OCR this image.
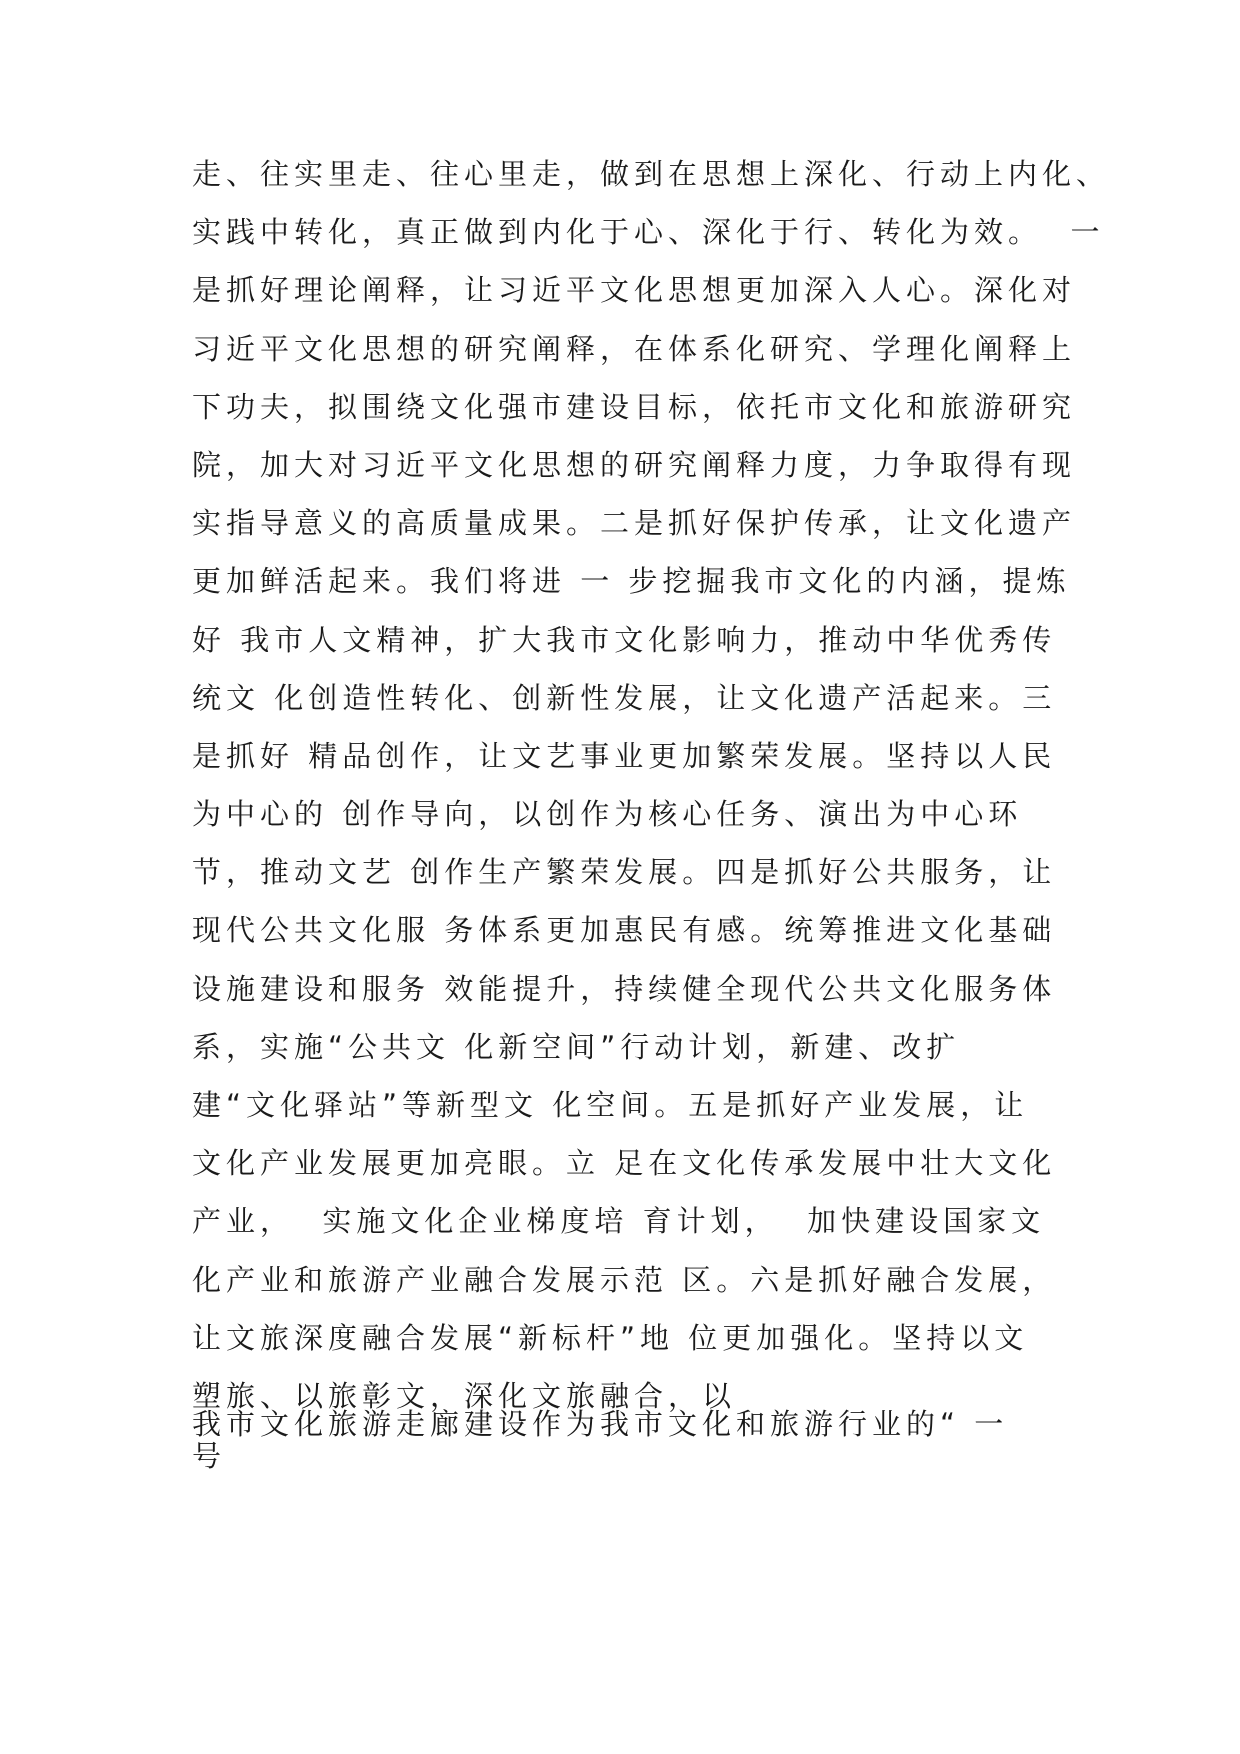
走、往实里走、往心里走，做到在思想上深化、行动上内化、
实践中转化，真正做到内化于心、深化于行、转化为效。  一
是抓好理论阐释，让习近平文化思想更加深入人心。深化对
习近平文化思想的研究阐释，在体系化研究、学理化阐释上
下功夫，拟围绕文化强市建设目标，依托市文化和旅游研究
院，加大对习近平文化思想的研究阐释力度，力争取得有现
实指导意义的高质量成果。二是抓好保护传承，让文化遗产
更加鲜活起来。我们将进 一 步挖掘我市文化的内涵，提炼
好 我市人文精神，扩大我市文化影响力，推动中华优秀传
统文 化创造性转化、创新性发展，让文化遗产活起来。三
是抓好 精品创作，让文艺事业更加繁荣发展。坚持以人民
为中心的 创作导向，以创作为核心任务、演出为中心环
节，推动文艺 创作生产繁荣发展。四是抓好公共服务，让
现代公共文化服 务体系更加惠民有感。统筹推进文化基础
设施建设和服务 效能提升，持续健全现代公共文化服务体
系，实施“公共文 化新空间”行动计划，新建、改扩
建“文化驿站”等新型文 化空间。五是抓好产业发展，让
文化产业发展更加亮眼。立 足在文化传承发展中壮大文化
产业，  实施文化企业梯度培 育计划，  加快建设国家文
化产业和旅游产业融合发展示范 区。六是抓好融合发展，
让文旅深度融合发展“新标杆”地 位更加强化。坚持以文
塑旅、以旅彰文，深化文旅融合，以
我市文化旅游走廊建设作为我市文化和旅游行业的“ 一
号
